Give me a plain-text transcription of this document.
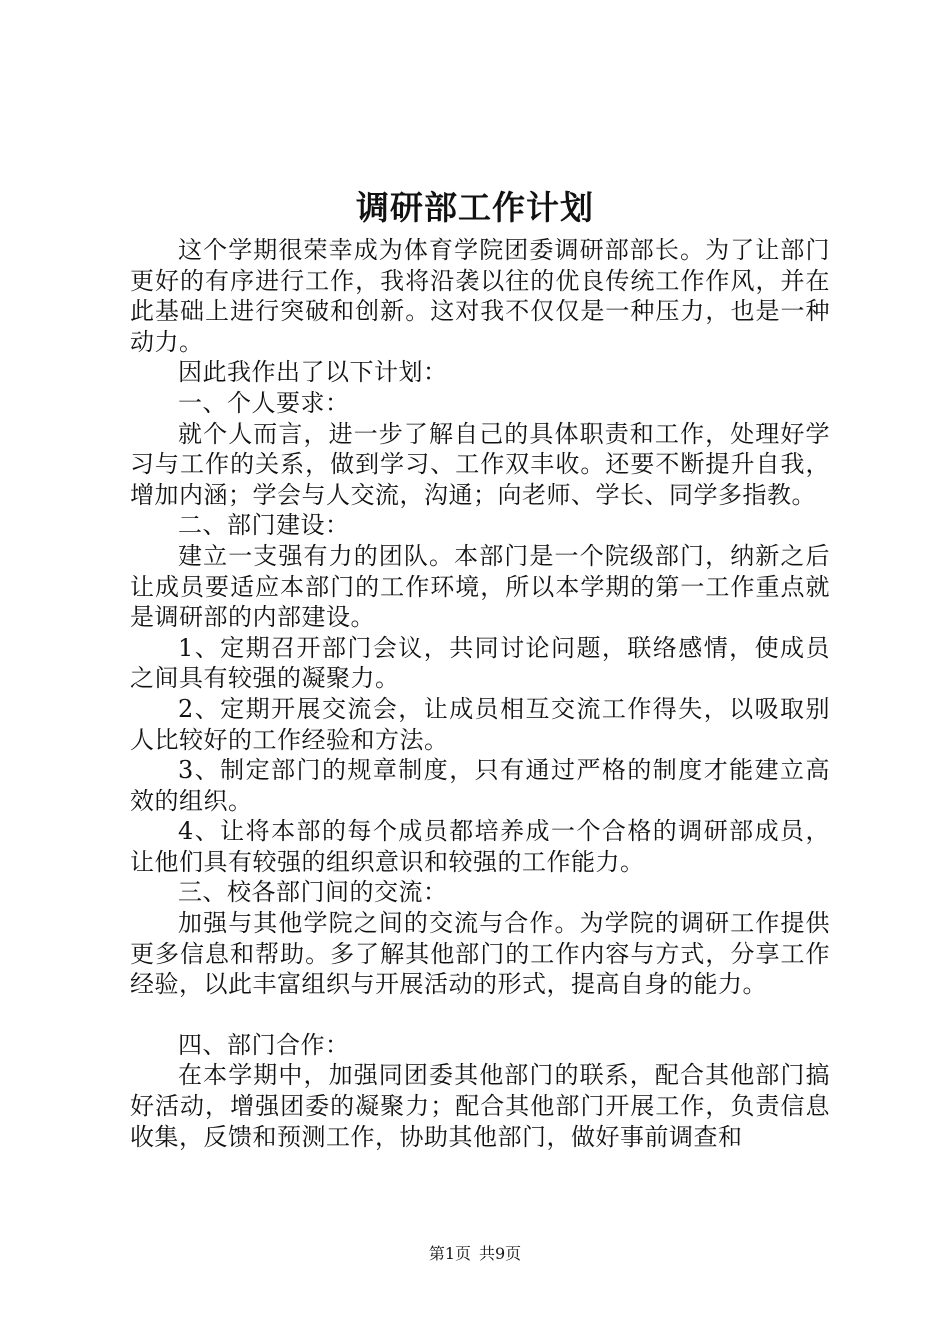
调研部工作计划

这个学期很荣幸成为体育学院团委调研部部长。为了让部门更好的有序进行工作，我将沿袭以往的优良传统工作作风，并在此基础上进行突破和创新。这对我不仅仅是一种压力，也是一种动力。

因此我作出了以下计划：

一、个人要求：

就个人而言，进一步了解自己的具体职责和工作，处理好学习与工作的关系，做到学习、工作双丰收。还要不断提升自我，增加内涵；学会与人交流，沟通；向老师、学长、同学多指教。

二、部门建设：

建立一支强有力的团队。本部门是一个院级部门，纳新之后让成员要适应本部门的工作环境，所以本学期的第一工作重点就是调研部的内部建设。

1、定期召开部门会议，共同讨论问题，联络感情，使成员之间具有较强的凝聚力。

2、定期开展交流会，让成员相互交流工作得失，以吸取别人比较好的工作经验和方法。

3、制定部门的规章制度，只有通过严格的制度才能建立高效的组织。

4、让将本部的每个成员都培养成一个合格的调研部成员，让他们具有较强的组织意识和较强的工作能力。

三、校各部门间的交流：

加强与其他学院之间的交流与合作。为学院的调研工作提供更多信息和帮助。多了解其他部门的工作内容与方式，分享工作经验，以此丰富组织与开展活动的形式，提高自身的能力。

四、部门合作：

在本学期中，加强同团委其他部门的联系，配合其他部门搞好活动，增强团委的凝聚力；配合其他部门开展工作，负责信息收集，反馈和预测工作，协助其他部门，做好事前调查和

第1页 共9页
